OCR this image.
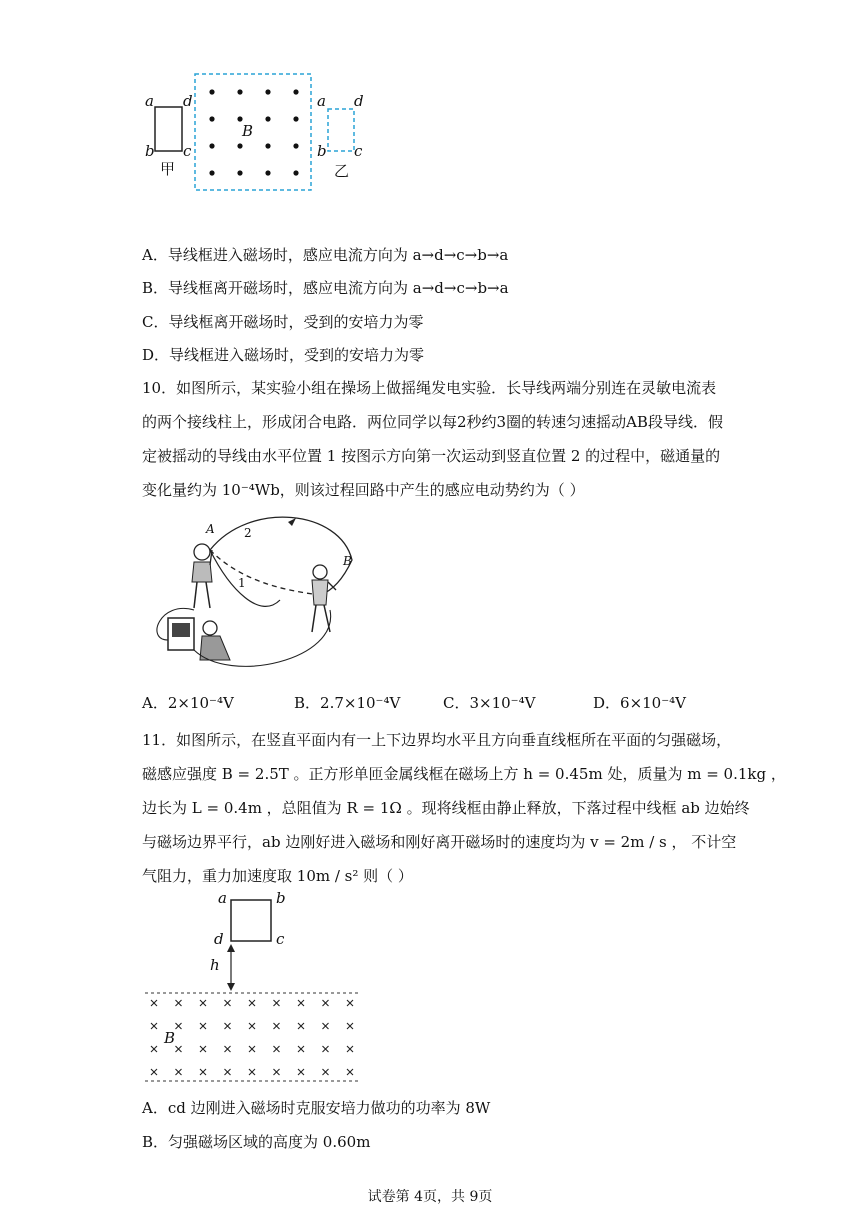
a d
b c
甲
B
a d
b c
乙
A．导线框进入磁场时，感应电流方向为 a→d→c→b→a
B．导线框离开磁场时，感应电流方向为 a→d→c→b→a
C．导线框离开磁场时，受到的安培力为零
D．导线框进入磁场时，受到的安培力为零
10．如图所示，某实验小组在操场上做摇绳发电实验．长导线两端分别连在灵敏电流表
的两个接线柱上，形成闭合电路．两位同学以每2秒约3圈的转速匀速摇动AB段导线．假
定被摇动的导线由水平位置 1 按图示方向第一次运动到竖直位置 2 的过程中，磁通量的
变化量约为 10⁻⁴Wb，则该过程回路中产生的感应电动势约为（ ）
A
B
1
2
A．2×10⁻⁴V	B．2.7×10⁻⁴V	C．3×10⁻⁴V	D．6×10⁻⁴V
11．如图所示，在竖直平面内有一上下边界均水平且方向垂直线框所在平面的匀强磁场，
磁感应强度 B = 2.5T 。正方形单匝金属线框在磁场上方 h = 0.45m 处，质量为 m = 0.1kg ，
边长为 L = 0.4m ，总阻值为 R = 1Ω 。现将线框由静止释放，下落过程中线框 ab 边始终
与磁场边界平行，ab 边刚好进入磁场和刚好离开磁场时的速度均为 v = 2m / s ， 不计空
气阻力，重力加速度取 10m / s² 则（ ）
a	b
d	c
h
B
A．cd 边刚进入磁场时克服安培力做功的功率为 8W
B．匀强磁场区域的高度为 0.60m
试卷第 4页，共 9页
